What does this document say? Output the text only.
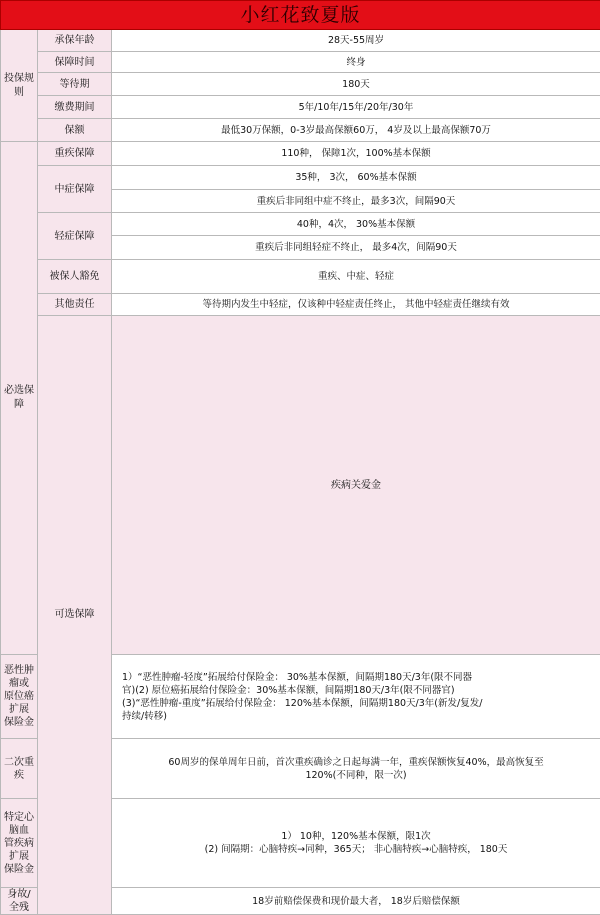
小红花致夏版			
投保规则	承保年龄	28天-55周岁	
	保障时间	终身	
	等待期	180天	
	缴费期间	5年/10年/15年/20年/30年	
	保额	最低30万保额，0-3岁最高保额60万， 4岁及以上最高保额70万	
必选保障	重疾保障	110种， 保障1次，100%基本保额	
	中症保障	35种， 3次， 60%基本保额	
		重疾后非同组中症不终止，最多3次，间隔90天	
	轻症保障	40种，4次， 30%基本保额	
		重疾后非同组轻症不终止， 最多4次，间隔90天	
	被保人豁免	重疾、中症、轻症	
	其他责任	等待期内发生中轻症，仅该种中轻症责任终止， 其他中轻症责任继续有效	
	可选保障	疾病关爱金	

恶性肿瘤或
原位癌扩展
保险金		1）“恶性肿瘤-轻度”拓展给付保险金： 30%基本保额，间隔期180天/3年(限不同器
官)(2) 原位癌拓展给付保险金：30%基本保额，间隔期180天/3年(限不同器官)
(3)“恶性肿瘤-重度”拓展给付保险金： 120%基本保额，间隔期180天/3年(新发/复发/
持续/转移)	

二次重疾		60周岁的保单周年日前，首次重疾确诊之日起每满一年，重疾保额恢复40%，最高恢复至
120%(不同种，限一次)	

特定心脑血
管疾病扩展
保险金		1） 10种，120%基本保额，限1次
(2) 间隔期：心脑特疾→同种，365天； 非心脑特疾→心脑特疾， 180天	

身故/全残		18岁前赔偿保费和现价最大者， 18岁后赔偿保额	
